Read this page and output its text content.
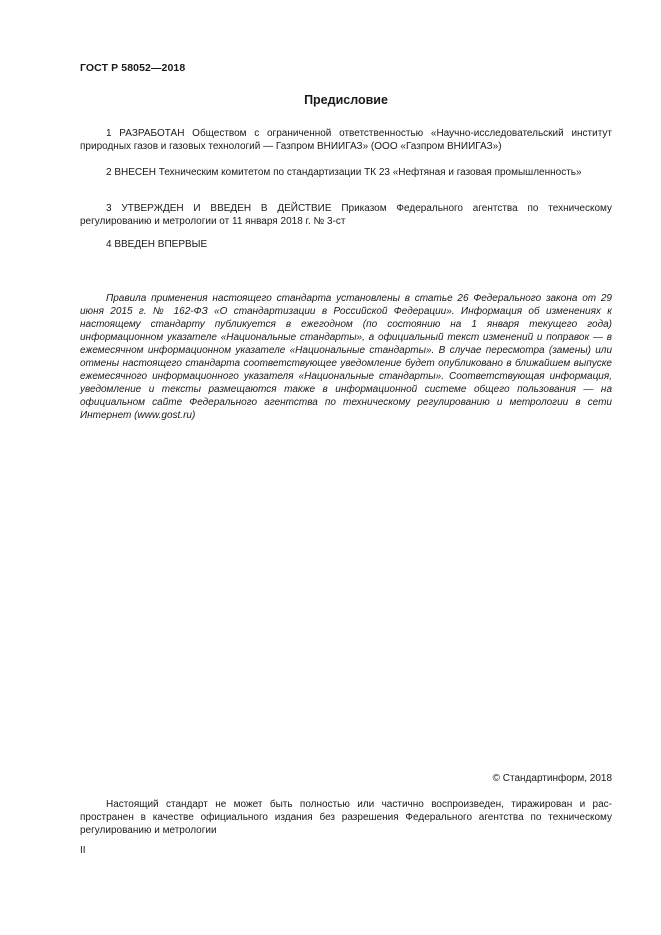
ГОСТ Р 58052—2018
Предисловие

1 РАЗРАБОТАН Обществом с ограниченной ответственностью «Научно-исследовательский институт природных газов и газовых технологий — Газпром ВНИИГАЗ» (ООО «Газпром ВНИИГАЗ»)

2 ВНЕСЕН Техническим комитетом по стандартизации ТК 23 «Нефтяная и газовая промышленность»

3 УТВЕРЖДЕН И ВВЕДЕН В ДЕЙСТВИЕ Приказом Федерального агентства по техническому регулированию и метрологии от 11 января 2018 г. № 3-ст

4 ВВЕДЕН ВПЕРВЫЕ

Правила применения настоящего стандарта установлены в статье 26 Федерального закона от 29 июня 2015 г. № 162-ФЗ «О стандартизации в Российской Федерации». Информация об изменениях к настоящему стандарту публикуется в ежегодном (по состоянию на 1 января текущего года) информационном указателе «Национальные стандарты», а официальный текст изменений и поправок — в ежемесячном информационном указателе «Национальные стандарты». В случае пересмотра (замены) или отмены настоящего стандарта соответствующее уведомление будет опубликовано в ближайшем выпуске ежемесячного информационного указателя «Национальные стандарты». Соответствующая информация, уведомление и тексты размещаются также в информационной системе общего пользования — на официальном сайте Федерального агентства по техническому регулированию и метрологии в сети Интернет (www.gost.ru)

© Стандартинформ, 2018

Настоящий стандарт не может быть полностью или частично воспроизведен, тиражирован и распространен в качестве официального издания без разрешения Федерального агентства по техническому регулированию и метрологии

II
